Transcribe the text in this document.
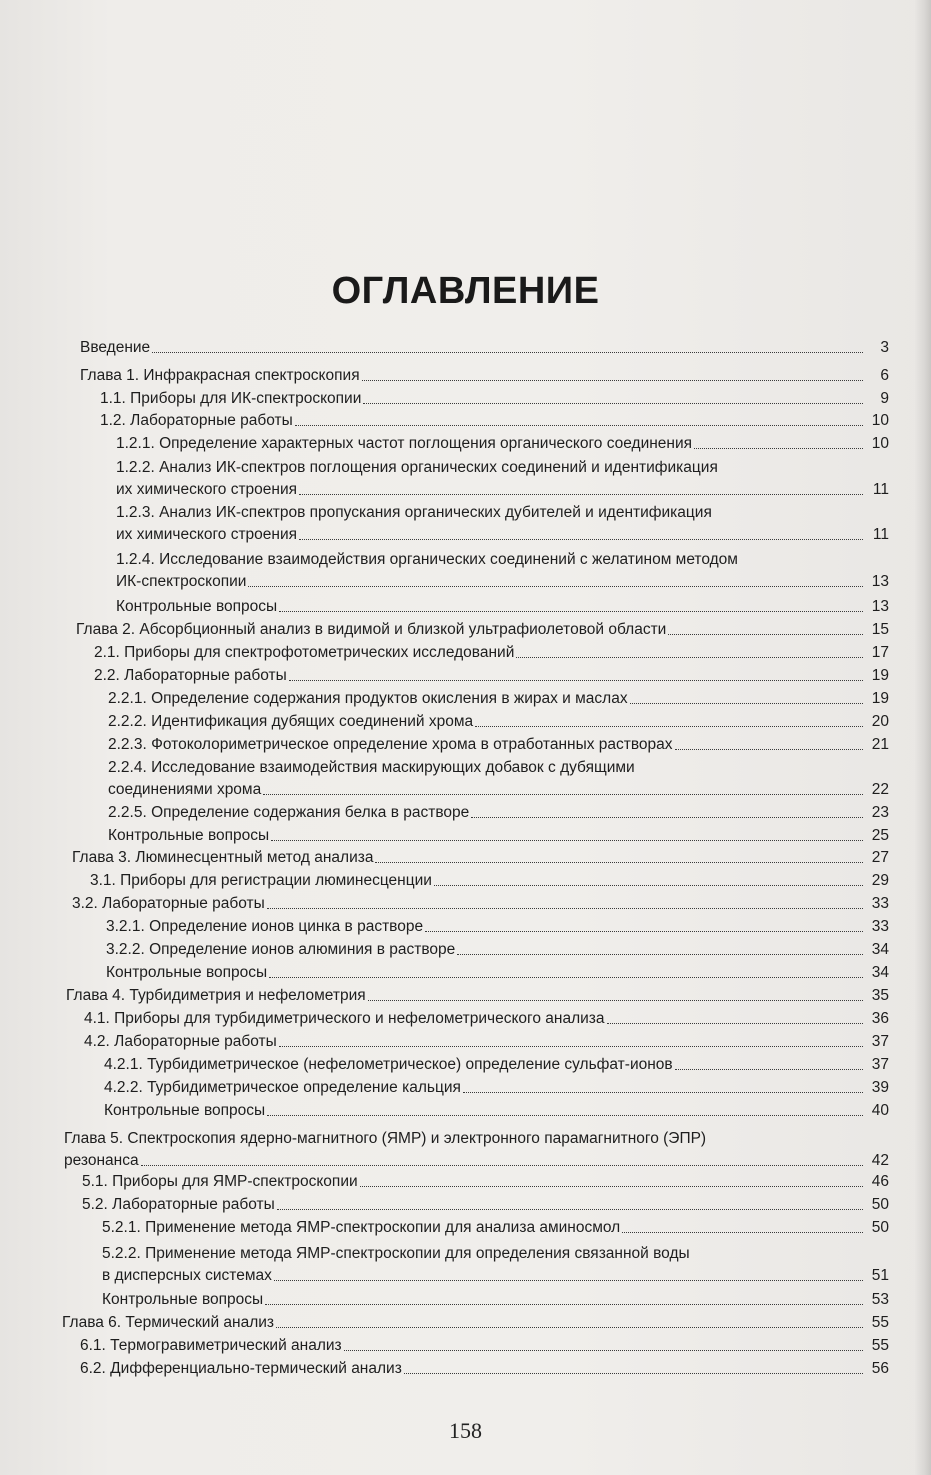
ОГЛАВЛЕНИЕ
Введение	3
Глава 1. Инфракрасная спектроскопия	6
1.1. Приборы для ИК-спектроскопии	9
1.2. Лабораторные работы	10
1.2.1. Определение характерных частот поглощения органического соединения	10
1.2.2. Анализ ИК-спектров поглощения органических соединений и идентификация
их химического строения	11
1.2.3. Анализ ИК-спектров пропускания органических дубителей и идентификация
их химического строения	11
1.2.4. Исследование взаимодействия органических соединений с желатином методом
ИК-спектроскопии	13
Контрольные вопросы	13
Глава 2. Абсорбционный анализ в видимой и близкой ультрафиолетовой области	15
2.1. Приборы для спектрофотометрических исследований	17
2.2. Лабораторные работы	19
2.2.1. Определение содержания продуктов окисления в жирах и маслах	19
2.2.2. Идентификация дубящих соединений хрома	20
2.2.3. Фотоколориметрическое определение хрома в отработанных растворах	21
2.2.4. Исследование взаимодействия маскирующих добавок с дубящими
соединениями хрома	22
2.2.5. Определение содержания белка в растворе	23
Контрольные вопросы	25
Глава 3. Люминесцентный метод анализа	27
3.1. Приборы для регистрации люминесценции	29
3.2. Лабораторные работы	33
3.2.1. Определение ионов цинка в растворе	33
3.2.2. Определение ионов алюминия в растворе	34
Контрольные вопросы	34
Глава 4. Турбидиметрия и нефелометрия	35
4.1. Приборы для турбидиметрического и нефелометрического анализа	36
4.2. Лабораторные работы	37
4.2.1. Турбидиметрическое (нефелометрическое) определение сульфат-ионов	37
4.2.2. Турбидиметрическое определение кальция	39
Контрольные вопросы	40
Глава 5. Спектроскопия ядерно-магнитного (ЯМР) и электронного парамагнитного (ЭПР)
резонанса	42
5.1. Приборы для ЯМР-спектроскопии	46
5.2. Лабораторные работы	50
5.2.1. Применение метода ЯМР-спектроскопии для анализа аминосмол	50
5.2.2. Применение метода ЯМР-спектроскопии для определения связанной воды
в дисперсных системах	51
Контрольные вопросы	53
Глава 6. Термический анализ	55
6.1. Термогравиметрический анализ	55
6.2. Дифференциально-термический анализ	56
158
